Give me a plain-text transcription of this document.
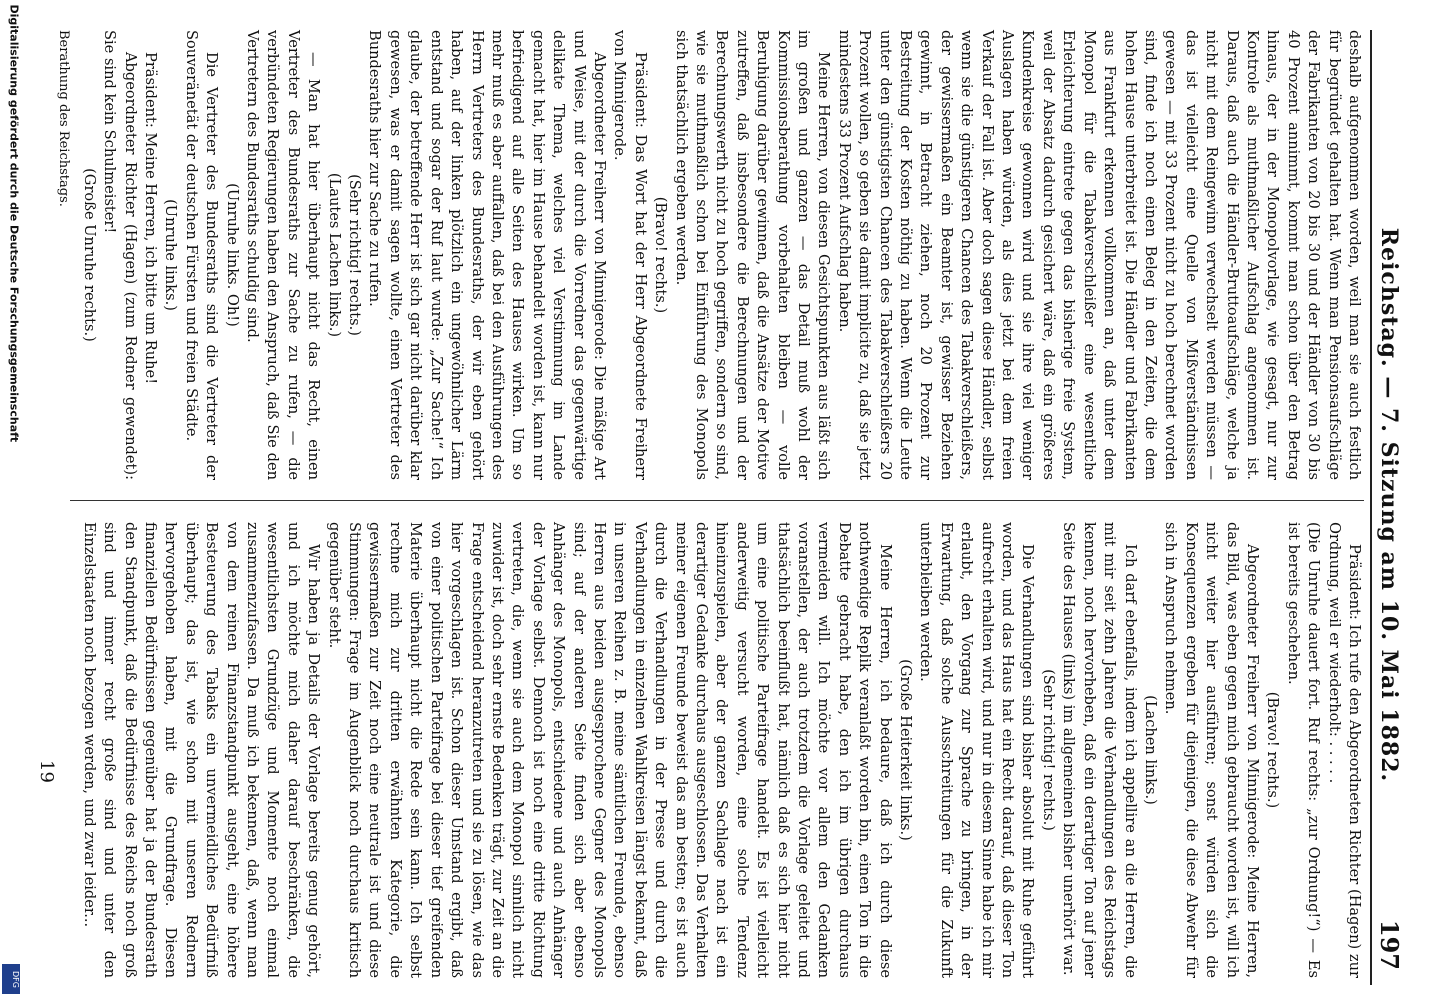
Reichstag. — 7. Sitzung am 10. Mai 1882.
197

deshalb aufgenommen worden, weil man sie auch festlich für begründet gehalten hat. Wenn man Pensionsaufschläge der Fabrikanten von 20 bis 30 und der Händler von 30 bis 40 Prozent annimmt, kommt man schon über den Betrag hinaus, der in der Monopolvorlage, wie gesagt, nur zur Kontrole als muthmaßlicher Aufschlag angenommen ist. Daraus, daß auch die Händler-Bruttoaufschläge, welche ja nicht mit dem Reingewinn verwechselt werden müssen — das ist vielleicht eine Quelle von Mißverständnissen gewesen — mit 33 Prozent nicht zu hoch berechnet worden sind, finde ich noch einen Beleg in den Zeiten, die dem hohen Hause unterbreitet ist. Die Händler und Fabrikanten aus Frankfurt erkennen vollkommen an, daß unter dem Monopol für die Tabakverschleißer eine wesentliche Erleichterung eintrete gegen das bisherige freie System, weil der Absatz dadurch gesichert wäre, daß ein größeres Kundenkreise gewonnen wird und sie ihre viel weniger Auslagen haben würden, als dies jetzt bei dem freien Verkauf der Fall ist. Aber doch sagen diese Händler, selbst wenn sie die günstigeren Chancen des Tabakverschleißers, der gewissermaßen ein Beamter ist, gewisser Beziehen gewinnt, in Betracht ziehen, noch 20 Prozent zur Bestreitung der Kosten nöthig zu haben. Wenn die Leute unter den günstigsten Chancen des Tabakverschleißers 20 Prozent wollen, so geben sie damit implicite zu, daß sie jetzt mindestens 33 Prozent Aufschlag haben.

Meine Herren, von diesen Gesichtspunkten aus läßt sich im großen und ganzen — das Detail muß wohl der Kommissionsberathung vorbehalten bleiben — volle Beruhigung darüber gewinnen, daß die Ansätze der Motive zutreffen, daß insbesondere die Berechnungen und der Berechnungswerth nicht zu hoch gegriffen, sondern so sind, wie sie muthmaßlich schon bei Einführung des Monopols sich thatsächlich ergeben werden.

(Bravo! rechts.)

Präsident: Das Wort hat der Herr Abgeordnete Freiherr von Minnigerode.

Abgeordneter Freiherr von Minnigerode: Die mäßige Art und Weise, mit der durch die Vorredner das gegenwärtige delikate Thema, welches viel Verstimmung im Lande gemacht hat, hier im Hause behandelt worden ist, kann nur befriedigend auf alle Seiten des Hauses wirken. Um so mehr muß es aber auffallen, daß bei den Ausführungen des Herrn Vertreters des Bundesraths, der wir eben gehört haben, auf der linken plötzlich ein ungewöhnlicher Lärm entstand und sogar der Ruf laut wurde: „Zur Sache!“ Ich glaube, der betreffende Herr ist sich gar nicht darüber klar gewesen, was er damit sagen wollte, einen Vertreter des Bundesraths hier zur Sache zu rufen.

(Sehr richtig! rechts.)

(Lautes Lachen links.)

— Man hat hier überhaupt nicht das Recht, einen Vertreter des Bundesraths zur Sache zu rufen, — die verbündeten Regierungen haben den Anspruch, daß Sie den Vertretern des Bundesraths schuldig sind.

(Unruhe links. Oh!)

Die Vertreter des Bundesraths sind die Vertreter der Souveränetät der deutschen Fürsten und freien Städte.

(Unruhe links.)

Präsident: Meine Herren, ich bitte um Ruhe!

Abgeordneter Richter (Hagen) (zum Redner gewendet): Sie sind kein Schulmeister!

(Große Unruhe rechts.)

Präsident: Ich rufe den Abgeordneten Richter (Hagen) zur Ordnung, weil er wiederholt: . . . . .

(Die Unruhe dauert fort. Ruf rechts: „zur Ordnung!“) — Es ist bereits geschehen.

(Bravo! rechts.)

Abgeordneter Freiherr von Minnigerode: Meine Herren, das Bild, was eben gegen mich gebraucht worden ist, will ich nicht weiter hier ausführen; sonst würden sich die Konsequenzen ergeben für diejenigen, die diese Abwehr für sich in Anspruch nehmen.

(Lachen links.)

Ich darf ebenfalls, indem ich appellire an die Herren, die mit mir seit zehn Jahren die Verhandlungen des Reichstags kennen, noch hervorheben, daß ein derartiger Ton auf jener Seite des Hauses (links) im allgemeinen bisher unerhört war.

(Sehr richtig! rechts.)

Die Verhandlungen sind bisher absolut mit Ruhe geführt worden, und das Haus hat ein Recht darauf, daß dieser Ton aufrecht erhalten wird, und nur in diesem Sinne habe ich mir erlaubt, den Vorgang zur Sprache zu bringen, in der Erwartung, daß solche Ausschreitungen für die Zukunft unterbleiben werden.

(Große Heiterkeit links.)

Meine Herren, ich bedaure, daß ich durch diese nothwendige Replik veranlaßt worden bin, einen Ton in die Debatte gebracht habe, den ich im übrigen durchaus vermeiden will. Ich möchte vor allem den Gedanken voranstellen, der auch trotzdem die Vorlage geleitet und thatsächlich beeinflußt hat, nämlich daß es sich hier nicht um eine politische Parteifrage handelt. Es ist vielleicht anderweitig versucht worden, eine solche Tendenz hineinzuspielen, aber der ganzen Sachlage nach ist ein derartiger Gedanke durchaus ausgeschlossen. Das Verhalten meiner eigenen Freunde beweist das am besten; es ist auch durch die Verhandlungen in der Presse und durch die Verhandlungen in einzelnen Wahlkreisen längst bekannt, daß in unseren Reihen z. B. meine sämtlichen Freunde, ebenso Herren aus beiden ausgesprochene Gegner des Monopols sind; auf der anderen Seite finden sich aber ebenso Anhänger des Monopols, entschiedene und auch Anhänger der Vorlage selbst. Dennoch ist noch eine dritte Richtung vertreten, die, wenn sie auch dem Monopol sinnlich nicht zuwider ist, doch sehr ernste Bedenken trägt, zur Zeit an die Frage entscheidend heranzutreten und sie zu lösen, wie das hier vorgeschlagen ist. Schon dieser Umstand ergibt, daß von einer politischen Parteifrage bei dieser tief greifenden Materie überhaupt nicht die Rede sein kann. Ich selbst rechne mich zur dritten erwähnten Kategorie, die gewissermaßen zur Zeit noch eine neutrale ist und diese Stimmungen: Frage im Augenblick noch durchaus kritisch gegenüber steht.

Wir haben ja Details der Vorlage bereits genug gehört, und ich möchte mich daher darauf beschränken, die wesentlichsten Grundzüge und Momente noch einmal zusammenzufassen. Da muß ich bekennen, daß, wenn man von dem reinen Finanzstandpunkt ausgeht, eine höhere Besteuerung des Tabaks ein unvermeidliches Bedürfniß überhaupt; das ist, wie schon mit unseren Rednern hervorgehoben haben, mit die Grundfrage. Diesen finanziellen Bedürfnissen gegenüber hat ja der Bundesrath den Standpunkt, daß die Bedürfnisse des Reichs noch groß sind und immer recht große sind und unter den Einzelstaaten noch bezogen werden, und zwar leider...

Berathung des Reichstags.
19
Digitalisierung gefördert durch die Deutsche Forschungsgemeinschaft
DFG
